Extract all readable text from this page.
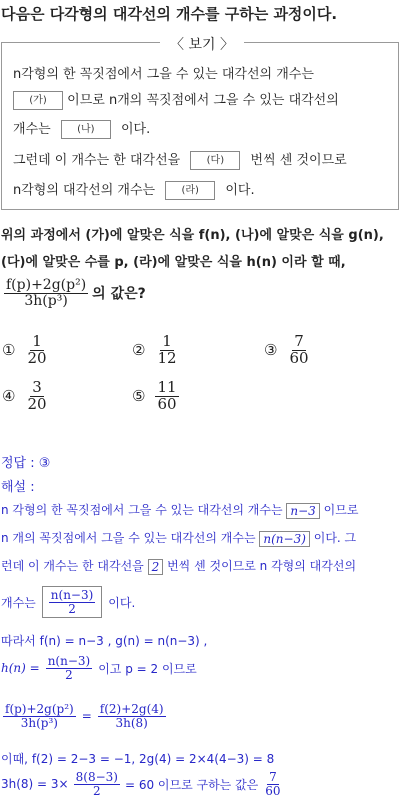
다음은 다각형의 대각선의 개수를 구하는 과정이다.
〈 보기 〉
n각형의 한 꼭짓점에서 그을 수 있는 대각선의 개수는
(가) 이므로 n개의 꼭짓점에서 그을 수 있는 대각선의
개수는	(나) 이다.
그런데 이 개수는 한 대각선을	(다) 번씩 센 것이므로
n각형의 대각선의 개수는	(라) 이다.
위의 과정에서 (가)에 알맞은 식을 f(n), (나)에 알맞은 식을 g(n),
(다)에 알맞은 수를 p, (라)에 알맞은 식을 h(n) 이라 할 때,
$\frac{\text{f(p)+2g(p²)}}{\text{3h(p³)}}$ 의 값은?
① $\frac{1}{20}$	② $\frac{1}{12}$	③ $\frac{7}{60}$
④ $\frac{3}{20}$	⑤ $\frac{11}{60}$
정답 : ③
해설 :
n 각형의 한 꼭짓점에서 그을 수 있는 대각선의 개수는 n−3 이므로
n 개의 꼭짓점에서 그을 수 있는 대각선의 개수는 n(n−3) 이다. 그
런데 이 개수는 한 대각선을 2 번씩 센 것이므로 n 각형의 대각선의
개수는 $\frac{n(n-3)}{2}$ 이다.
따라서 f(n) = n−3 , g(n) = n(n−3) ,
$h(n) = \frac{n(n-3)}{2}$ 이고 p = 2 이므로
$\frac{\text{f(p)+2g(p²)}}{\text{3h(p³)}} = \frac{f(2)+2g(4)}{3h(8)}$
이때, f(2) = 2−3 = −1, 2g(4) = 2×4(4−3) = 8
$3h(8) = 3\times \frac{8(8-3)}{2} = 60$ 이므로 구하는 값은 $\frac{7}{60}$
